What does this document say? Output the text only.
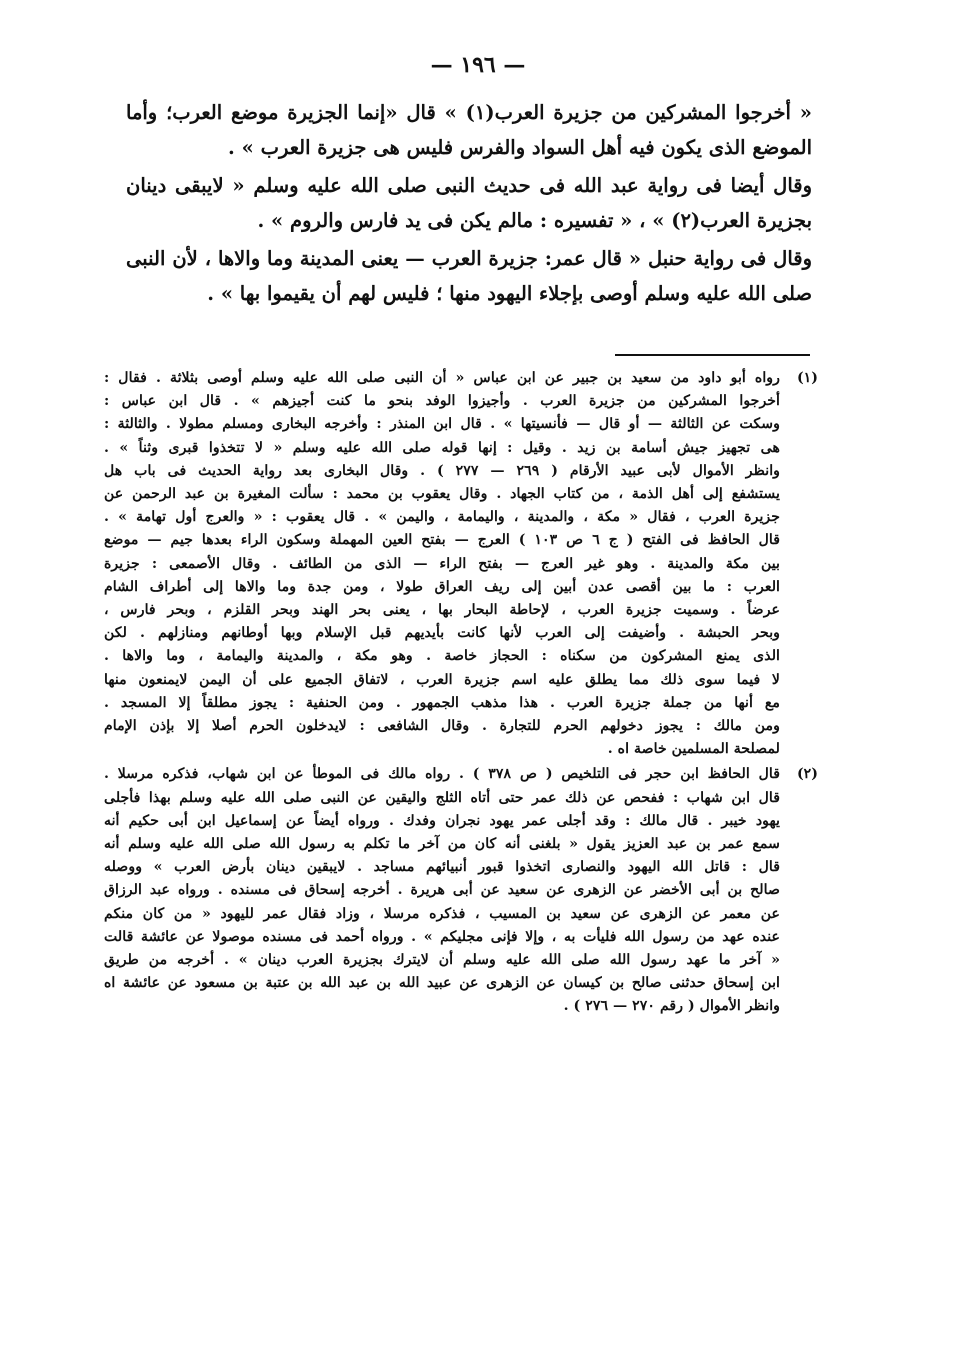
— ١٩٦ —

« أخرجوا المشركين من جزيرة العرب(١) » قال «إنما الجزيرة موضع العرب؛ وأما الموضع الذى يكون فيه أهل السواد والفرس فليس هى جزيرة العرب » .

وقال أيضا فى رواية عبد الله فى حديث النبى صلى الله عليه وسلم « لايبقى دينان بجزيرة العرب(٢) » ، « تفسيره : مالم يكن فى يد فارس والروم » .

وقال فى رواية حنبل « قال عمر: جزيرة العرب — يعنى المدينة وما والاها ، لأن النبى صلى الله عليه وسلم أوصى بإجلاء اليهود منها ؛ فليس لهم أن يقيموا بها » .

(١)
رواه أبو داود من سعيد بن جبير عن ابن عباس « أن النبى صلى الله عليه وسلم أوصى بثلاثة . فقال :
أخرجوا المشركين من جزيرة العرب . وأجيزوا الوفد بنحو ما كنت أجيزهم » . قال ابن عباس :
وسكت عن الثالثة — أو قال — فأنسيتها » . قال ابن المنذر : وأخرجه البخارى ومسلم مطولا . والثالثة :
هى تجهيز جيش أسامة بن زيد . وقيل : إنها قوله صلى الله عليه وسلم « لا تتخذوا قبرى وثناً » .
وانظر الأموال لأبى عبيد الأرقام ( ٢٦٩ — ٢٧٧ ) . وقال البخارى بعد رواية الحديث فى باب هل
يستشفع إلى أهل الذمة ، من كتاب الجهاد . وقال يعقوب بن محمد : سألت المغيرة بن عبد الرحمن عن
جزيرة العرب ، فقال « مكة ، والمدينة ، واليمامة ، واليمن » . قال يعقوب : « والعرج أول تهامة » .
قال الحافظ فى الفتح ( ج ٦ ص ١٠٣ ) العرج — بفتح العين المهملة وسكون الراء بعدها جيم — موضع
بين مكة والمدينة . وهو غير العرج — بفتح الراء — الذى من الطائف . وقال الأصمعى : جزيرة
العرب : ما بين أقصى عدن أبين إلى ريف العراق طولا ، ومن جدة وما والاها إلى أطراف الشام
عرضاً . وسميت جزيرة العرب ، لإحاطة البحار بها ، يعنى بحر الهند وبحر القلزم ، وبحر فارس ،
وبحر الحبشة . وأضيفت إلى العرب لأنها كانت بأيديهم قبل الإسلام وبها أوطانهم ومنازلهم . لكن
الذى يمنع المشركون من سكناه : الحجاز خاصة . وهو مكة ، والمدينة واليمامة ، وما والاها .
لا فيما سوى ذلك مما يطلق عليه اسم جزيرة العرب ، لاتفاق الجميع على أن اليمن لايمنعون منها
مع أنها من جملة جزيرة العرب . هذا مذهب الجمهور . ومن الحنفية : يجوز مطلقاً إلا المسجد .
ومن مالك : يجوز دخولهم الحرم للتجارة . وقال الشافعى : لايدخلون الحرم أصلا إلا بإذن الإمام
لمصلحة المسلمين خاصة اه .
(٢)
قال الحافظ ابن حجر فى التلخيص ( ص ٣٧٨ ) . رواه مالك فى الموطأ عن ابن شهاب، فذكره مرسلا .
قال ابن شهاب : ففحص عن ذلك عمر حتى أتاه الثلج واليقين عن النبى صلى الله عليه وسلم بهذا فأجلى
يهود خيبر . قال مالك : وقد أجلى عمر يهود نجران وفدك . ورواه أيضاً عن إسماعيل ابن أبى حكيم أنه
سمع عمر بن عبد العزيز يقول « بلغنى أنه كان من آخر ما تكلم به رسول الله صلى الله عليه وسلم أنه
قال : قاتل الله اليهود والنصارى اتخذوا قبور أنبيائهم مساجد . لايبقين دينان بأرض العرب » ووصله
صالح بن أبى الأخضر عن الزهرى عن سعيد عن أبى هريرة . أخرجه إسحاق فى مسنده . ورواه عبد الرزاق
عن معمر عن الزهرى عن سعيد بن المسيب ، فذكره مرسلا ، وزاد فقال عمر لليهود « من كان منكم
عنده عهد من رسول الله فليأت به ، وإلا فإنى مجليكم » . ورواه أحمد فى مسنده موصولا عن عائشة قالت
« آخر ما عهد رسول الله صلى الله عليه وسلم أن لايترك بجزيرة العرب دينان » . أخرجه من طريق
ابن إسحاق حدثنى صالح بن كيسان عن الزهرى عن عبيد الله بن عبد الله بن عتبة بن مسعود عن عائشة اه
وانظر الأموال ( رقم ٢٧٠ — ٢٧٦ ) .
